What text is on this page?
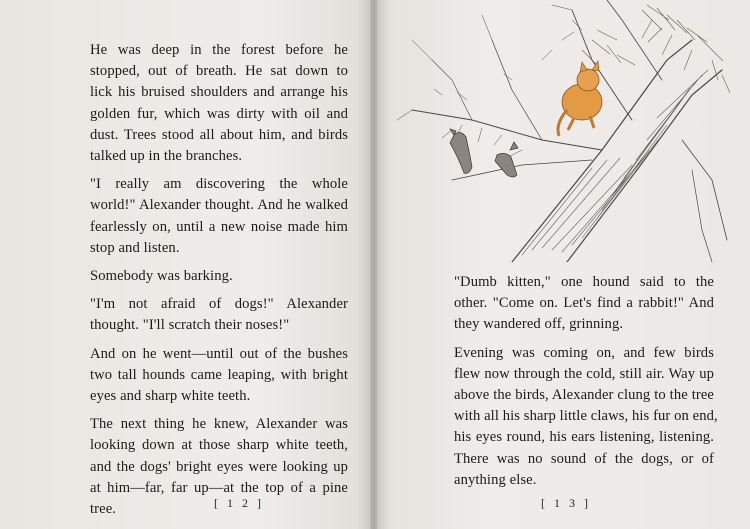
He was deep in the forest before he
stopped, out of breath. He sat down to
lick his bruised shoulders and arrange his
golden fur, which was dirty with oil and
dust. Trees stood all about him, and birds
talked up in the branches.
"I really am discovering the whole
world!" Alexander thought. And he walked
fearlessly on, until a new noise made him
stop and listen.
Somebody was barking.
"I'm not afraid of dogs!" Alexander
thought. "I'll scratch their noses!"
And on he went—until out of the bushes
two tall hounds came leaping, with bright
eyes and sharp white teeth.
The next thing he knew, Alexander was
looking down at those sharp white teeth,
and the dogs' bright eyes were looking up
at him—far, far up—at the top of a pine
tree.	[ 1 2 ]
"Dumb kitten," one hound said to the
other. "Come on. Let's find a rabbit!" And
they wandered off, grinning.
Evening was coming on, and few birds
flew now through the cold, still air. Way up
above the birds, Alexander clung to the tree
with all his sharp little claws, his fur on end,
his eyes round, his ears listening, listening.
There was no sound of the dogs, or of
anything else.
[ 1 3 ]
